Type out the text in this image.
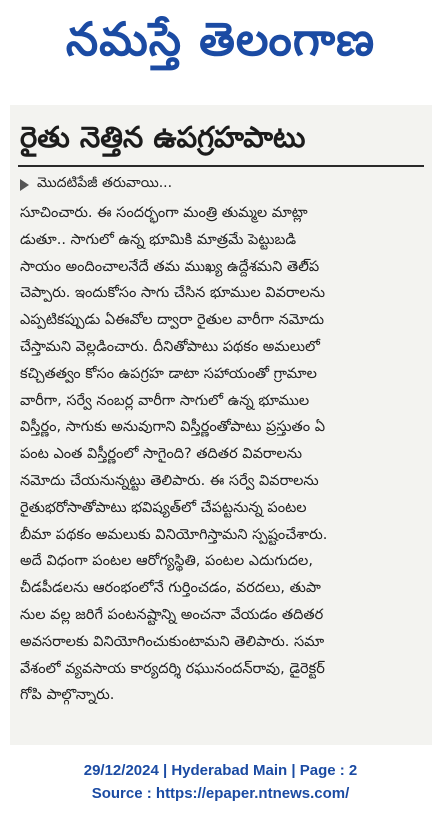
నమస్తే తెలంగాణ
రైతు నెత్తిన ఉపగ్రహపాటు
మొదటిపేజీ తరువాయి...
సూచించారు. ఈ సందర్భంగా మంత్రి తుమ్మల మాట్లా
డుతూ.. సాగులో ఉన్న భూమికి మాత్రమే పెట్టుబడి
సాయం అందించాలనేదే తమ ముఖ్య ఉద్దేశమని తెలి్ప
చెప్పారు. ఇందుకోసం సాగు చేసిన భూముల వివరాలను
ఎప్పటికప్పుడు ఏఈవోల ద్వారా రైతుల వారీగా నమోదు
చేస్తామని వెల్లడించారు. దీనితోపాటు పథకం అమలులో
కచ్చితత్వం కోసం ఉపగ్రహ డాటా సహాయంతో గ్రామాల
వారీగా, సర్వే నంబర్ల వారీగా సాగులో ఉన్న భూముల
విస్తీర్ణం, సాగుకు అనువుగాని విస్తీర్ణంతోపాటు ప్రస్తుతం ఏ
పంట ఎంత విస్తీర్ణంలో సాగైంది? తదితర వివరాలను
నమోదు చేయనున్నట్టు తెలిపారు. ఈ సర్వే వివరాలను
రైతుభరోసాతోపాటు భవిష్యత్‌లో చేపట్టనున్న పంటల
బీమా పథకం అమలుకు వినియోగిస్తామని స్పష్టంచేశారు.
అదే విధంగా పంటల ఆరోగ్యస్థితి, పంటల ఎదుగుదల,
చీడపీడలను ఆరంభంలోనే గుర్తించడం, వరదలు, తుపా
నుల వల్ల జరిగే పంటనష్టాన్ని అంచనా వేయడం తదితర
అవసరాలకు వినియోగించుకుంటామని తెలిపారు. సమా
వేశంలో వ్యవసాయ కార్యదర్శి రఘునందన్‌రావు, డైరెక్టర్
గోపి పాల్గొన్నారు.
29/12/2024 | Hyderabad Main | Page : 2
Source : https://epaper.ntnews.com/
